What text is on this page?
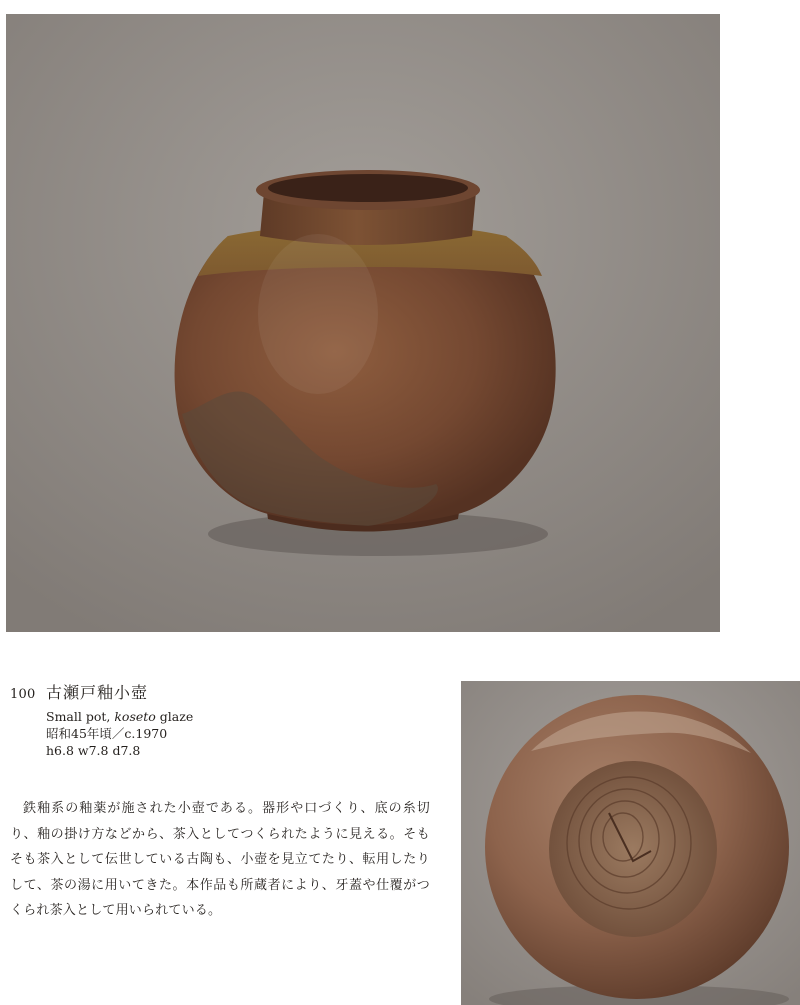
100 古瀬戸釉小壺
Small pot, koseto glaze
昭和45年頃／c.1970
h6.8 w7.8 d7.8
鉄釉系の釉薬が施された小壺である。器形や口づくり、底の糸切り、釉の掛け方などから、茶入としてつくられたように見える。そもそも茶入として伝世している古陶も、小壺を見立てたり、転用したりして、茶の湯に用いてきた。本作品も所蔵者により、牙蓋や仕覆がつくられ茶入として用いられている。
